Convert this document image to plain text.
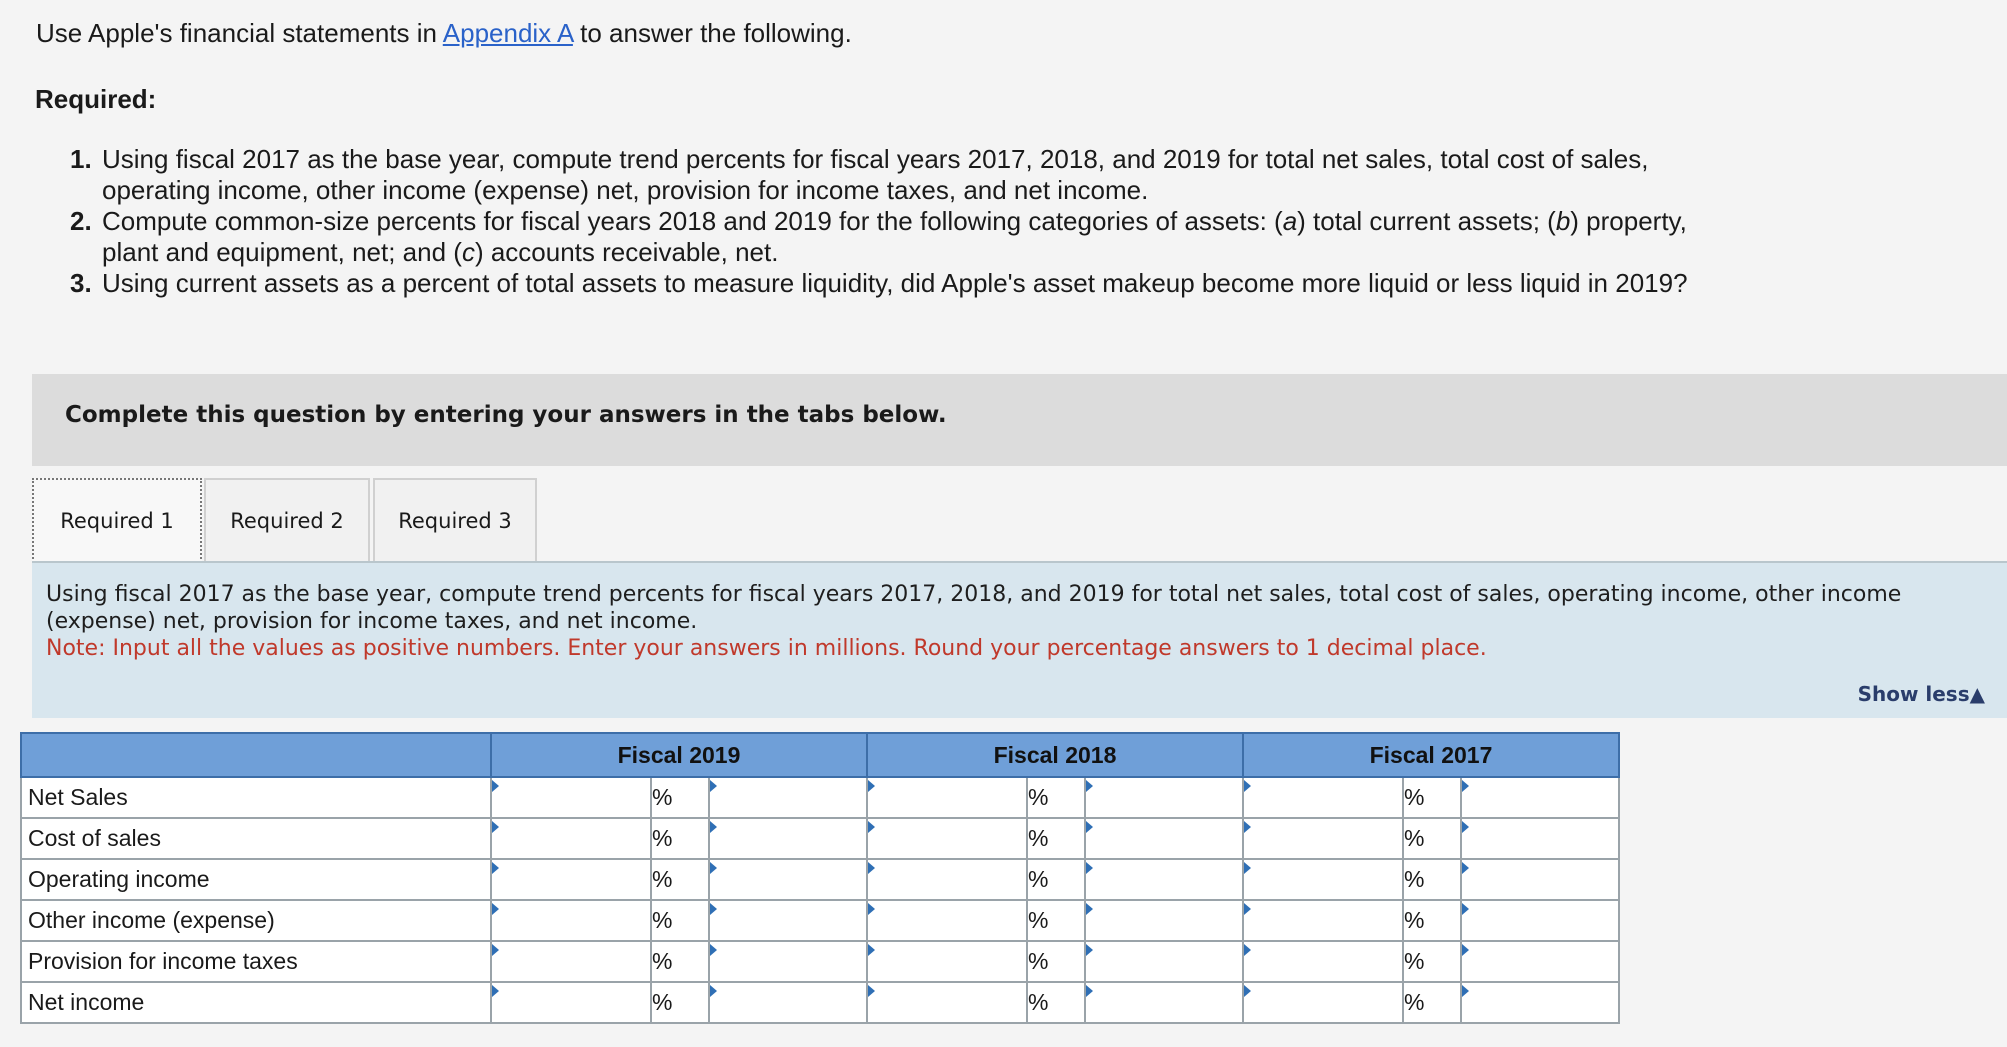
Use Apple's financial statements in Appendix A to answer the following.
Required:
1. Using fiscal 2017 as the base year, compute trend percents for fiscal years 2017, 2018, and 2019 for total net sales, total cost of sales, operating income, other income (expense) net, provision for income taxes, and net income.
2. Compute common-size percents for fiscal years 2018 and 2019 for the following categories of assets: (a) total current assets; (b) property, plant and equipment, net; and (c) accounts receivable, net.
3. Using current assets as a percent of total assets to measure liquidity, did Apple's asset makeup become more liquid or less liquid in 2019?
Complete this question by entering your answers in the tabs below.
Required 1	Required 2	Required 3
Using fiscal 2017 as the base year, compute trend percents for fiscal years 2017, 2018, and 2019 for total net sales, total cost of sales, operating income, other income (expense) net, provision for income taxes, and net income.
Note: Input all the values as positive numbers. Enter your answers in millions. Round your percentage answers to 1 decimal place.
Show less▲
	Fiscal 2019			Fiscal 2018			Fiscal 2017		
Net Sales		%			%			%	
Cost of sales		%			%			%	
Operating income		%			%			%	
Other income (expense)		%			%			%	
Provision for income taxes		%			%			%	
Net income		%			%			%	
